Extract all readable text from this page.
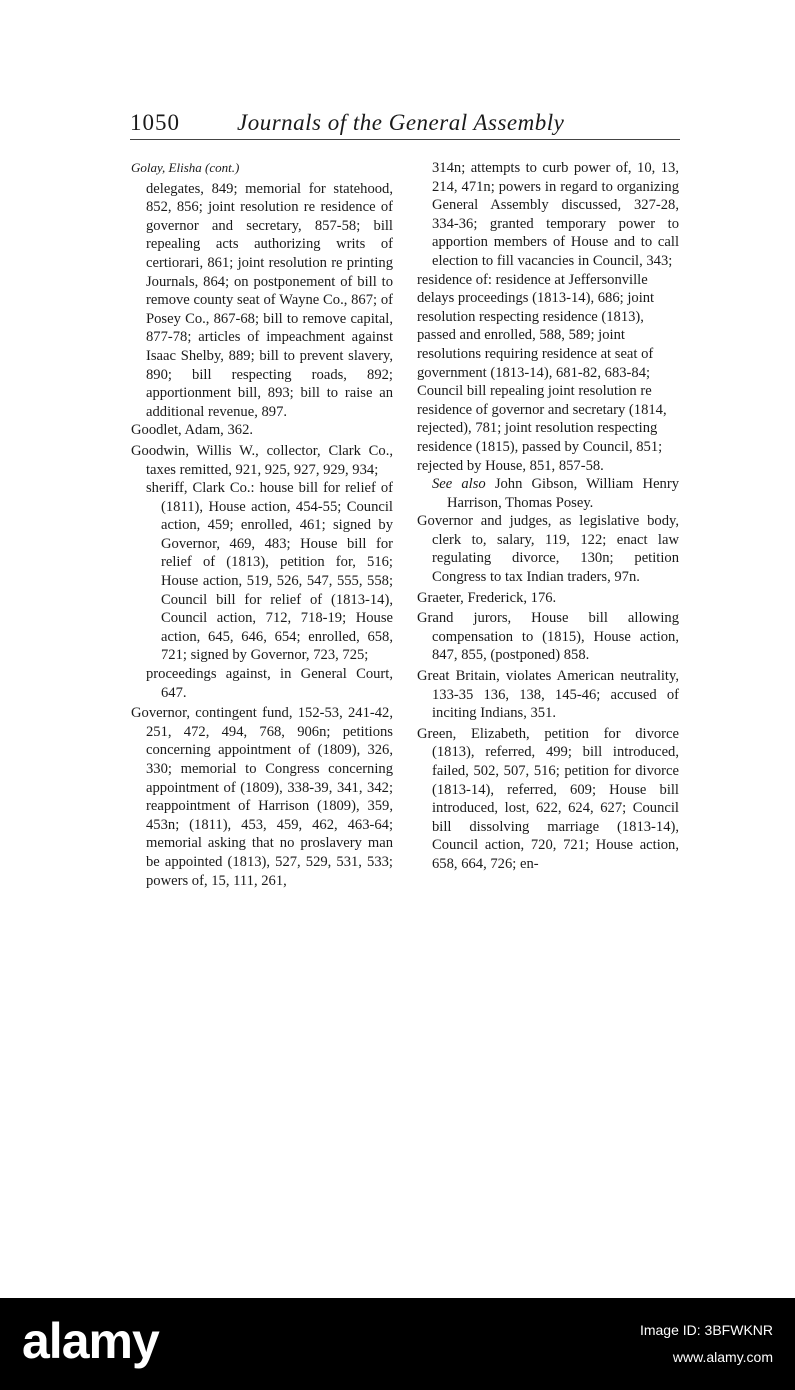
1050 Journals of the General Assembly
Golay, Elisha (cont.)
delegates, 849; memorial for statehood, 852, 856; joint resolution re residence of governor and secretary, 857-58; bill repealing acts authorizing writs of certiorari, 861; joint resolution re printing Journals, 864; on postponement of bill to remove county seat of Wayne Co., 867; of Posey Co., 867-68; bill to remove capital, 877-78; articles of impeachment against Isaac Shelby, 889; bill to prevent slavery, 890; bill respecting roads, 892; apportionment bill, 893; bill to raise an additional revenue, 897.
Goodlet, Adam, 362.
Goodwin, Willis W., collector, Clark Co., taxes remitted, 921, 925, 927, 929, 934;
sheriff, Clark Co.: house bill for relief of (1811), House action, 454-55; Council action, 459; enrolled, 461; signed by Governor, 469, 483; House bill for relief of (1813), petition for, 516; House action, 519, 526, 547, 555, 558; Council bill for relief of (1813-14), Council action, 712, 718-19; House action, 645, 646, 654; enrolled, 658, 721; signed by Governor, 723, 725;
proceedings against, in General Court, 647.
Governor, contingent fund, 152-53, 241-42, 251, 472, 494, 768, 906n; petitions concerning appointment of (1809), 326, 330; memorial to Congress concerning appointment of (1809), 338-39, 341, 342; reappointment of Harrison (1809), 359, 453n; (1811), 453, 459, 462, 463-64; memorial asking that no proslavery man be appointed (1813), 527, 529, 531, 533; powers of, 15, 111, 261,
314n; attempts to curb power of, 10, 13, 214, 471n; powers in regard to organizing General Assembly discussed, 327-28, 334-36; granted temporary power to apportion members of House and to call election to fill vacancies in Council, 343;
residence of: residence at Jeffersonville delays proceedings (1813-14), 686; joint resolution respecting residence (1813), passed and enrolled, 588, 589; joint resolutions requiring residence at seat of government (1813-14), 681-82, 683-84; Council bill repealing joint resolution re residence of governor and secretary (1814, rejected), 781; joint resolution respecting residence (1815), passed by Council, 851; rejected by House, 851, 857-58.
See also John Gibson, William Henry Harrison, Thomas Posey.
Governor and judges, as legislative body, clerk to, salary, 119, 122; enact law regulating divorce, 130n; petition Congress to tax Indian traders, 97n.
Graeter, Frederick, 176.
Grand jurors, House bill allowing compensation to (1815), House action, 847, 855, (postponed) 858.
Great Britain, violates American neutrality, 133-35 136, 138, 145-46; accused of inciting Indians, 351.
Green, Elizabeth, petition for divorce (1813), referred, 499; bill introduced, failed, 502, 507, 516; petition for divorce (1813-14), referred, 609; House bill introduced, lost, 622, 624, 627; Council bill dissolving marriage (1813-14), Council action, 720, 721; House action, 658, 664, 726; en-
alamy	Image ID: 3BFWKNR
www.alamy.com
